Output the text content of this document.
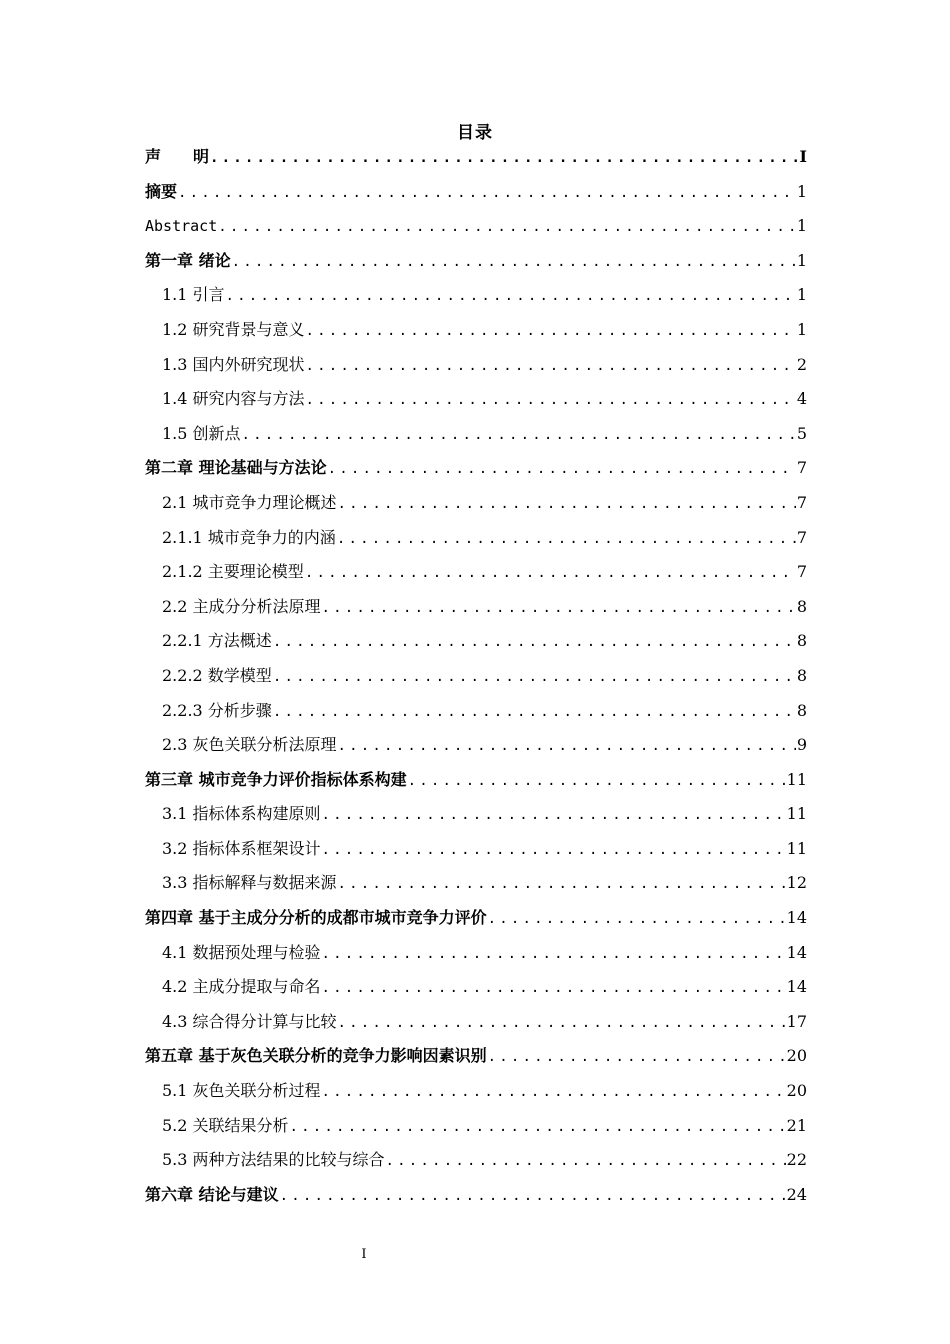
目录
声　　明 .....	I
摘要 .....	1
Abstract .....	1
第一章 绪论 .....	1
1.1 引言 .....	1
1.2 研究背景与意义 .....	1
1.3 国内外研究现状 .....	2
1.4 研究内容与方法 .....	4
1.5 创新点 .....	5
第二章 理论基础与方法论 .....	7
2.1 城市竞争力理论概述 .....	7
2.1.1 城市竞争力的内涵 .....	7
2.1.2 主要理论模型 .....	7
2.2 主成分分析法原理 .....	8
2.2.1 方法概述 .....	8
2.2.2 数学模型 .....	8
2.2.3 分析步骤 .....	8
2.3 灰色关联分析法原理 .....	9
第三章 城市竞争力评价指标体系构建 .....	11
3.1 指标体系构建原则 .....	11
3.2 指标体系框架设计 .....	11
3.3 指标解释与数据来源 .....	12
第四章 基于主成分分析的成都市城市竞争力评价 .....	14
4.1 数据预处理与检验 .....	14
4.2 主成分提取与命名 .....	14
4.3 综合得分计算与比较 .....	17
第五章 基于灰色关联分析的竞争力影响因素识别 .....	20
5.1 灰色关联分析过程 .....	20
5.2 关联结果分析 .....	21
5.3 两种方法结果的比较与综合 .....	22
第六章 结论与建议 .....	24
I
